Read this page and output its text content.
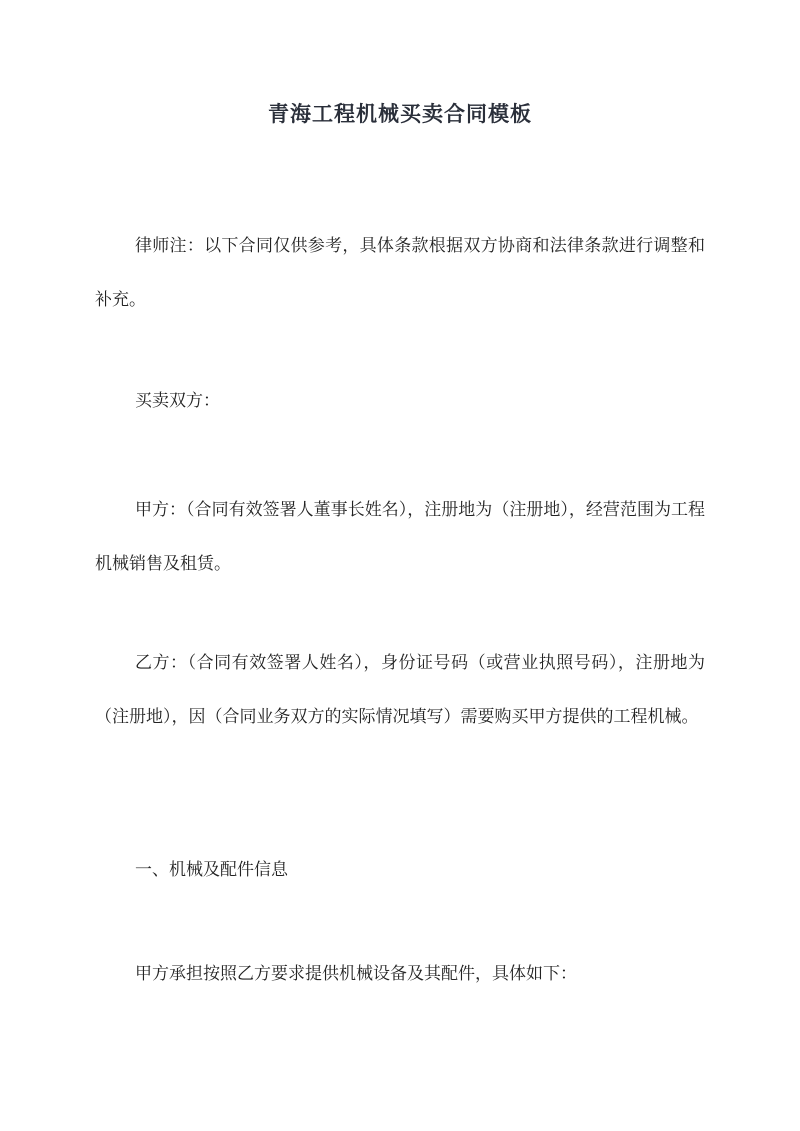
青海工程机械买卖合同模板

律师注：以下合同仅供参考，具体条款根据双方协商和法律条款进行调整和补充。

买卖双方：

甲方：（合同有效签署人董事长姓名），注册地为（注册地），经营范围为工程机械销售及租赁。

乙方：（合同有效签署人姓名），身份证号码（或营业执照号码），注册地为（注册地），因（合同业务双方的实际情况填写）需要购买甲方提供的工程机械。

一、机械及配件信息

甲方承担按照乙方要求提供机械设备及其配件，具体如下：
